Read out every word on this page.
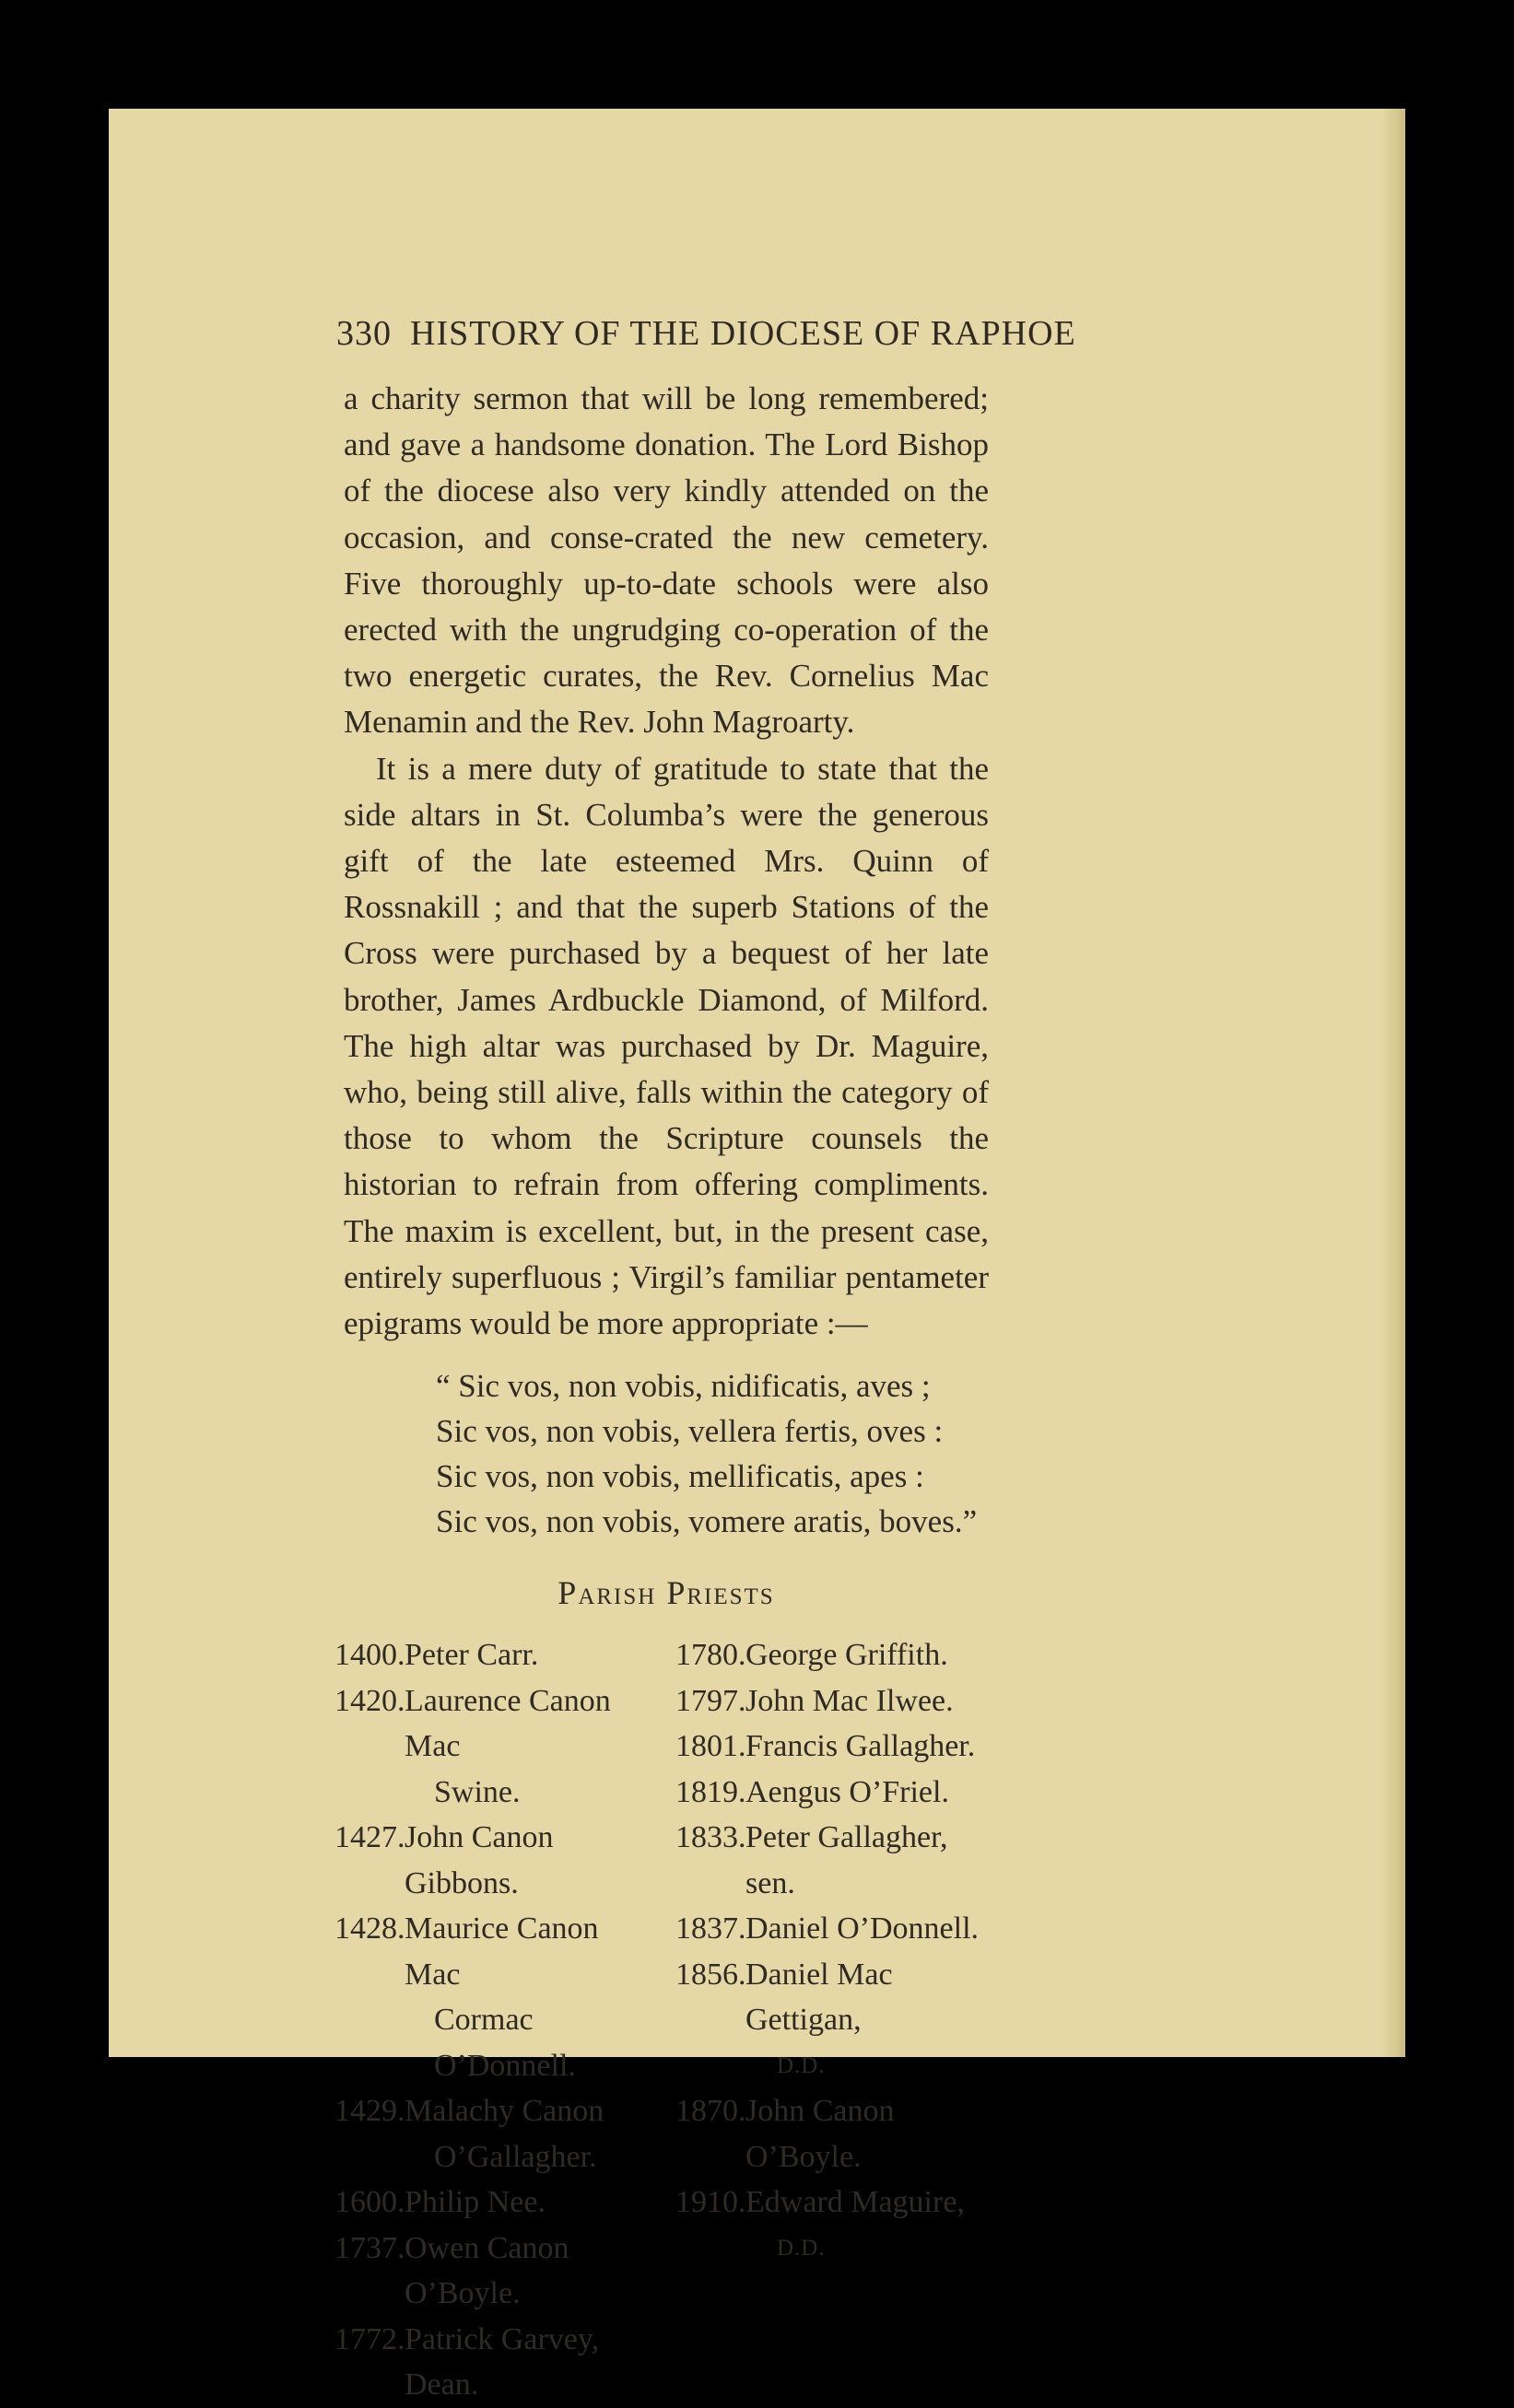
330 HISTORY OF THE DIOCESE OF RAPHOE

a charity sermon that will be long remembered; and gave a handsome donation. The Lord Bishop of the diocese also very kindly attended on the occasion, and conse-crated the new cemetery. Five thoroughly up-to-date schools were also erected with the ungrudging co-operation of the two energetic curates, the Rev. Cornelius Mac Menamin and the Rev. John Magroarty.

It is a mere duty of gratitude to state that the side altars in St. Columba’s were the generous gift of the late esteemed Mrs. Quinn of Rossnakill ; and that the superb Stations of the Cross were purchased by a bequest of her late brother, James Ardbuckle Diamond, of Milford. The high altar was purchased by Dr. Maguire, who, being still alive, falls within the category of those to whom the Scripture counsels the historian to refrain from offering compliments. The maxim is excellent, but, in the present case, entirely superfluous ; Virgil’s familiar pentameter epigrams would be more appropriate :—

“ Sic vos, non vobis, nidificatis, aves ;
Sic vos, non vobis, vellera fertis, oves :
Sic vos, non vobis, mellificatis, apes :
Sic vos, non vobis, vomere aratis, boves.”
Parish Priests
1400. Peter Carr.
1420. Laurence Canon Mac
Swine.
1427. John Canon Gibbons.
1428. Maurice Canon Mac
Cormac O’Donnell.
1429. Malachy Canon
O’Gallagher.
1600. Philip Nee.
1737. Owen Canon O’Boyle.
1772. Patrick Garvey, Dean.
1780. George Griffith.
1797. John Mac Ilwee.
1801. Francis Gallagher.
1819. Aengus O’Friel.
1833. Peter Gallagher, sen.
1837. Daniel O’Donnell.
1856. Daniel Mac Gettigan,
D.D.
1870. John Canon O’Boyle.
1910. Edward Maguire,
D.D.
